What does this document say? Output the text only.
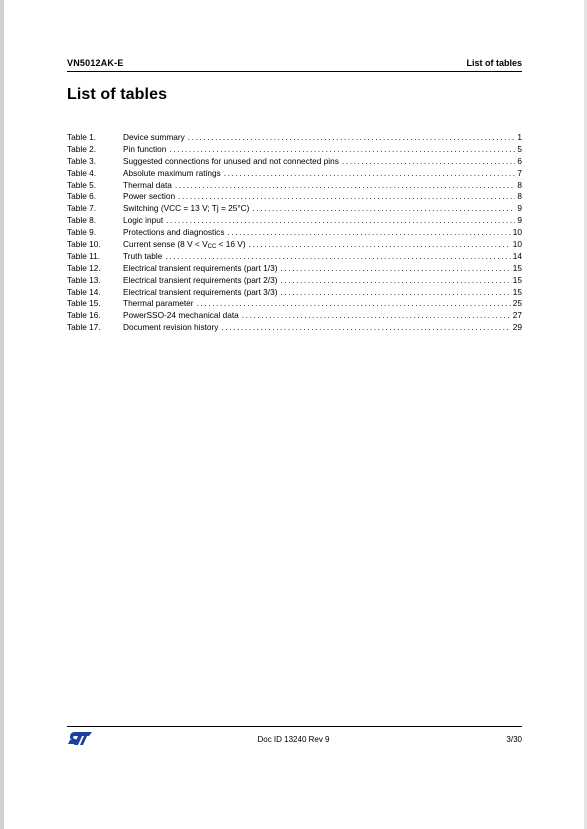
VN5012AK-E	List of tables
List of tables
Table 1.	Device summary .....	1
Table 2.	Pin function .....	5
Table 3.	Suggested connections for unused and not connected pins .....	6
Table 4.	Absolute maximum ratings .....	7
Table 5.	Thermal data .....	8
Table 6.	Power section .....	8
Table 7.	Switching (VCC = 13 V; Tj = 25°C) .....	9
Table 8.	Logic input .....	9
Table 9.	Protections and diagnostics .....	10
Table 10.	Current sense (8 $V < V_{CC} < 16$ V) .....	10
Table 11.	Truth table .....	14
Table 12.	Electrical transient requirements (part 1/3) .....	15
Table 13.	Electrical transient requirements (part 2/3) .....	15
Table 14.	Electrical transient requirements (part 3/3) .....	15
Table 15.	Thermal parameter .....	25
Table 16.	PowerSSO-24 mechanical data .....	27
Table 17.	Document revision history .....	29
Doc ID 13240 Rev 9	3/30
